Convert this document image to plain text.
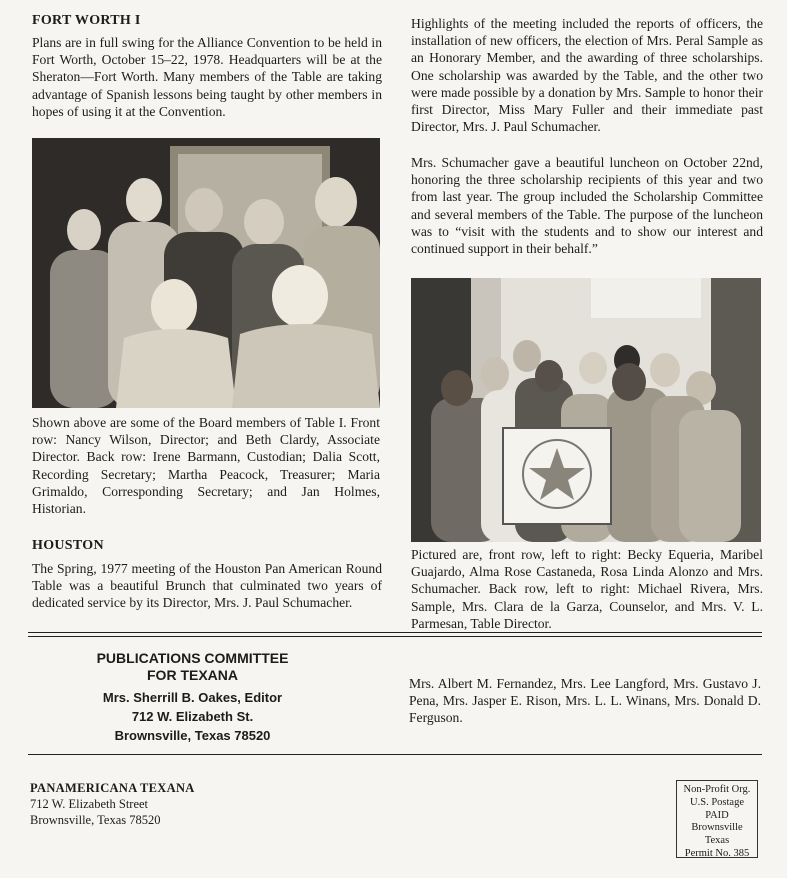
FORT WORTH I

Plans are in full swing for the Alliance Convention to be held in Fort Worth, October 15–22, 1978. Headquarters will be at the Sheraton—Fort Worth. Many members of the Table are taking advantage of Spanish lessons being taught by other members in hopes of using it at the Convention.

Shown above are some of the Board members of Table I. Front row: Nancy Wilson, Director; and Beth Clardy, Associate Director. Back row: Irene Barmann, Custodian; Dalia Scott, Recording Secretary; Martha Peacock, Treasurer; Maria Grimaldo, Corresponding Secretary; and Jan Holmes, Historian.

HOUSTON

The Spring, 1977 meeting of the Houston Pan American Round Table was a beautiful Brunch that culminated two years of dedicated service by its Director, Mrs. J. Paul Schumacher.

Highlights of the meeting included the reports of officers, the installation of new officers, the election of Mrs. Peral Sample as an Honorary Member, and the awarding of three scholarships. One scholarship was awarded by the Table, and the other two were made possible by a donation by Mrs. Sample to honor their first Director, Miss Mary Fuller and their immediate past Director, Mrs. J. Paul Schumacher.

Mrs. Schumacher gave a beautiful luncheon on October 22nd, honoring the three scholarship recipients of this year and two from last year. The group included the Scholarship Committee and several members of the Table. The purpose of the luncheon was to “visit with the students and to show our interest and continued support in their behalf.”

Pictured are, front row, left to right: Becky Equeria, Maribel Guajardo, Alma Rose Castaneda, Rosa Linda Alonzo and Mrs. Schumacher. Back row, left to right: Michael Rivera, Mrs. Sample, Mrs. Clara de la Garza, Counselor, and Mrs. V. L. Parmesan, Table Director.

PUBLICATIONS COMMITTEE
FOR TEXANA
Mrs. Sherrill B. Oakes, Editor
712 W. Elizabeth St.
Brownsville, Texas 78520

Mrs. Albert M. Fernandez, Mrs. Lee Langford, Mrs. Gustavo J. Pena, Mrs. Jasper E. Rison, Mrs. L. L. Winans, Mrs. Donald D. Ferguson.

PANAMERICANA TEXANA
712 W. Elizabeth Street
Brownsville, Texas 78520
Non-Profit Org.
U.S. Postage
PAID
Brownsville
Texas
Permit No. 385
